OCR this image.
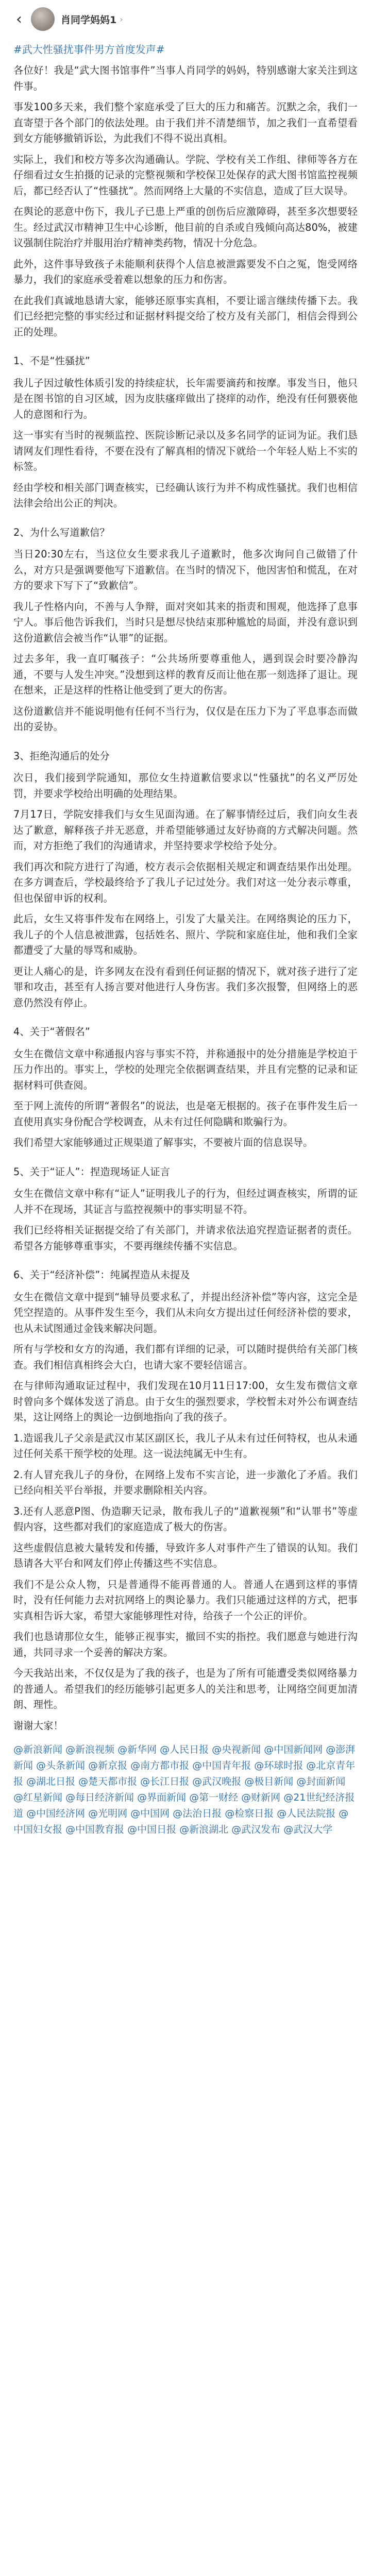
‹	肖同学妈妈1 ›
#武大性骚扰事件男方首度发声#

各位好！我是“武大图书馆事件”当事人肖同学的妈妈，特别感谢大家关注到这件事。

事发100多天来，我们整个家庭承受了巨大的压力和痛苦。沉默之余，我们一直寄望于各个部门的依法处理。由于我们并不清楚细节，加之我们一直希望看到女方能够撤销诉讼，为此我们不得不说出真相。

实际上，我们和校方等多次沟通确认。学院、学校有关工作组、律师等各方在仔细看过女生拍摄的记录的完整视频和学校保卫处保存的武大图书馆监控视频后，都已经否认了“性骚扰”。然而网络上大量的不实信息，造成了巨大误导。

在舆论的恶意中伤下，我儿子已患上严重的创伤后应激障碍，甚至多次想要轻生。经过武汉市精神卫生中心诊断，他目前的自杀或自残倾向高达80%，被建议强制住院治疗并服用治疗精神类药物，情况十分危急。

此外，这件事导致孩子未能顺利获得个人信息被泄露要发不白之冤，饱受网络暴力，我们的家庭承受着难以想象的压力和伤害。

在此我们真诚地恳请大家，能够还原事实真相，不要让谣言继续传播下去。我们已经把完整的事实经过和证据材料提交给了校方及有关部门，相信会得到公正的处理。

1、不是“性骚扰”

我儿子因过敏性体质引发的持续症状，长年需要滴药和按摩。事发当日，他只是在图书馆的自习区域，因为皮肤瘙痒做出了挠痒的动作，绝没有任何猥亵他人的意图和行为。

这一事实有当时的视频监控、医院诊断记录以及多名同学的证词为证。我们恳请网友们理性看待，不要在没有了解真相的情况下就给一个年轻人贴上不实的标签。

经由学校和相关部门调查核实，已经确认该行为并不构成性骚扰。我们也相信法律会给出公正的判决。

2、为什么写道歉信？

当日20:30左右，当这位女生要求我儿子道歉时，他多次询问自己做错了什么，对方只是强调要他写下道歉信。在当时的情况下，他因害怕和慌乱，在对方的要求下写下了“致歉信”。

我儿子性格内向，不善与人争辩，面对突如其来的指责和围观，他选择了息事宁人。事后他告诉我们，当时只是想尽快结束那种尴尬的局面，并没有意识到这份道歉信会被当作“认罪”的证据。

过去多年，我一直叮嘱孩子：“公共场所要尊重他人，遇到误会时要冷静沟通，不要与人发生冲突。”没想到这样的教育反而让他在那一刻选择了退让。现在想来，正是这样的性格让他受到了更大的伤害。

这份道歉信并不能说明他有任何不当行为，仅仅是在压力下为了平息事态而做出的妥协。

3、拒绝沟通后的处分

次日，我们接到学院通知，那位女生持道歉信要求以“性骚扰”的名义严厉处罚，并要求学校给出明确的处理结果。

7月17日，学院安排我们与女生见面沟通。在了解事情经过后，我们向女生表达了歉意，解释孩子并无恶意，并希望能够通过友好协商的方式解决问题。然而，对方拒绝了我们的沟通请求，并坚持要求学校给予处分。

我们再次和院方进行了沟通，校方表示会依据相关规定和调查结果作出处理。在多方调查后，学校最终给予了我儿子记过处分。我们对这一处分表示尊重，但也保留申诉的权利。

此后，女生又将事件发布在网络上，引发了大量关注。在网络舆论的压力下，我儿子的个人信息被泄露，包括姓名、照片、学院和家庭住址，他和我们全家都遭受了大量的辱骂和威胁。

更让人痛心的是，许多网友在没有看到任何证据的情况下，就对孩子进行了定罪和攻击，甚至有人扬言要对他进行人身伤害。我们多次报警，但网络上的恶意仍然没有停止。

4、关于“著假名”

女生在微信文章中称通报内容与事实不符，并称通报中的处分措施是学校迫于压力作出的。事实上，学校的处理完全依据调查结果，并且有完整的记录和证据材料可供查阅。

至于网上流传的所谓“著假名”的说法，也是毫无根据的。孩子在事件发生后一直使用真实身份配合学校调查，从未有过任何隐瞒和欺骗行为。

我们希望大家能够通过正规渠道了解事实，不要被片面的信息误导。

5、关于“证人”：捏造现场证人证言

女生在微信文章中称有“证人”证明我儿子的行为，但经过调查核实，所谓的证人并不在现场，其证言与监控视频中的事实明显不符。

我们已经将相关证据提交给了有关部门，并请求依法追究捏造证据者的责任。希望各方能够尊重事实，不要再继续传播不实信息。

6、关于“经济补偿”：纯属捏造从未提及

女生在微信文章中提到“辅导员要求私了，并提出经济补偿”等内容，这完全是凭空捏造的。从事件发生至今，我们从未向女方提出过任何经济补偿的要求，也从未试图通过金钱来解决问题。

所有与学校和女方的沟通，我们都有详细的记录，可以随时提供给有关部门核查。我们相信真相终会大白，也请大家不要轻信谣言。

在与律师沟通取证过程中，我们发现在10月11日17:00，女生发布微信文章时曾向多个媒体发送了消息。由于女生的强烈要求，学校暂未对外公布调查结果，这让网络上的舆论一边倒地指向了我的孩子。

1.造谣我儿子父亲是武汉市某区副区长，我儿子从未有过任何特权，也从未通过任何关系干预学校的处理。这一说法纯属无中生有。

2.有人冒充我儿子的身份，在网络上发布不实言论，进一步激化了矛盾。我们已经向相关平台举报，并要求删除相关内容。

3.还有人恶意P图、伪造聊天记录，散布我儿子的“道歉视频”和“认罪书”等虚假内容，这些都对我们的家庭造成了极大的伤害。

这些虚假信息被大量转发和传播，导致许多人对事件产生了错误的认知。我们恳请各大平台和网友们停止传播这些不实信息。

我们不是公众人物，只是普通得不能再普通的人。普通人在遇到这样的事情时，没有任何能力去对抗网络上的舆论暴力。我们只能通过这样的方式，把事实真相告诉大家，希望大家能够理性对待，给孩子一个公正的评价。

我们也恳请那位女生，能够正视事实，撤回不实的指控。我们愿意与她进行沟通，共同寻求一个妥善的解决方案。

今天我站出来，不仅仅是为了我的孩子，也是为了所有可能遭受类似网络暴力的普通人。希望我们的经历能够引起更多人的关注和思考，让网络空间更加清朗、理性。

谢谢大家！

@新浪新闻 @新浪视频 @新华网 @人民日报 @央视新闻 @中国新闻网 @澎湃新闻 @头条新闻 @新京报 @南方都市报 @中国青年报 @环球时报 @北京青年报 @湖北日报 @楚天都市报 @长江日报 @武汉晚报 @极目新闻 @封面新闻 @红星新闻 @每日经济新闻 @界面新闻 @第一财经 @财新网 @21世纪经济报道 @中国经济网 @光明网 @中国网 @法治日报 @检察日报 @人民法院报 @中国妇女报 @中国教育报 @中国日报 @新浪湖北 @武汉发布 @武汉大学
